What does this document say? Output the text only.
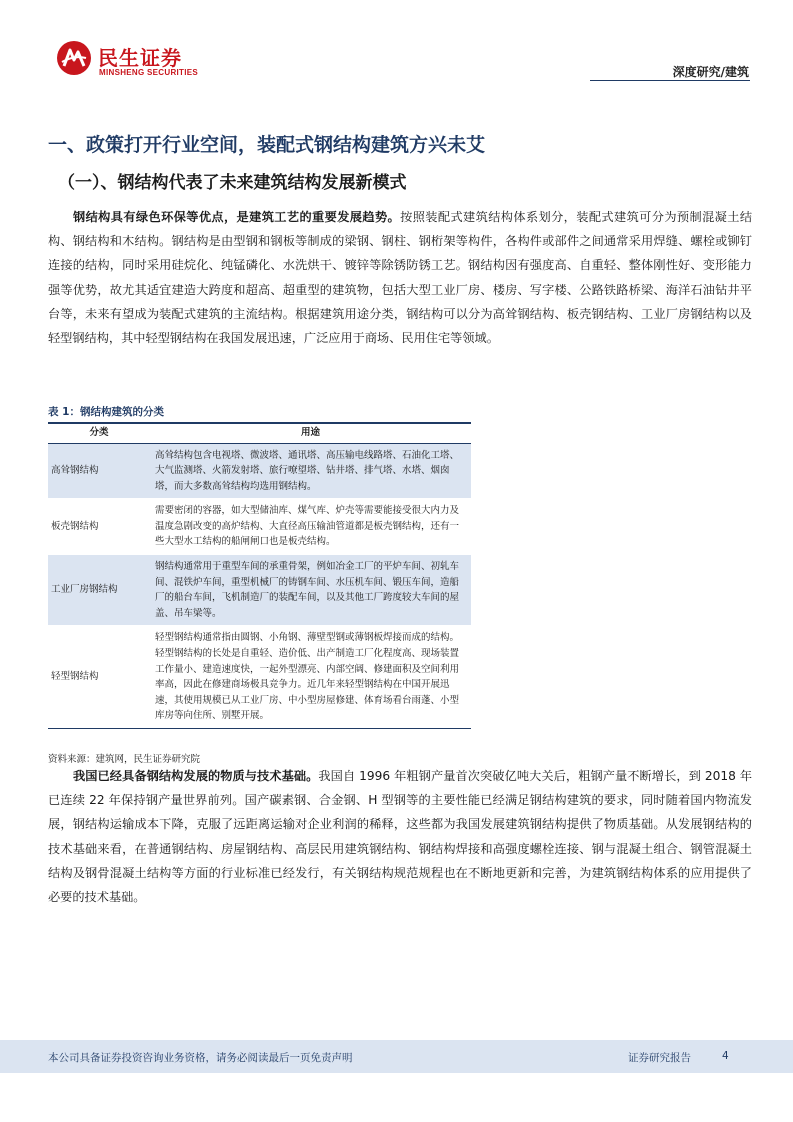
民生证券
MINSHENG SECURITIES	深度研究/建筑
一、政策打开行业空间，装配式钢结构建筑方兴未艾
（一）、钢结构代表了未来建筑结构发展新模式
钢结构具有绿色环保等优点，是建筑工艺的重要发展趋势。按照装配式建筑结构体系划分，装配式建筑可分为预制混凝土结构、钢结构和木结构。钢结构是由型钢和钢板等制成的梁钢、钢柱、钢桁架等构件，各构件或部件之间通常采用焊缝、螺栓或铆钉连接的结构，同时采用硅烷化、纯锰磷化、水洗烘干、镀锌等除锈防锈工艺。钢结构因有强度高、自重轻、整体刚性好、变形能力强等优势，故尤其适宜建造大跨度和超高、超重型的建筑物，包括大型工业厂房、楼房、写字楼、公路铁路桥梁、海洋石油钻井平台等，未来有望成为装配式建筑的主流结构。根据建筑用途分类，钢结构可以分为高耸钢结构、板壳钢结构、工业厂房钢结构以及轻型钢结构，其中轻型钢结构在我国发展迅速，广泛应用于商场、民用住宅等领域。
表 1：钢结构建筑的分类
分类	用途
高耸钢结构	高耸结构包含电视塔、微波塔、通讯塔、高压输电线路塔、石油化工塔、大气监测塔、火箭发射塔、旅行嘹望塔、钻井塔、排气塔、水塔、烟囱塔，而大多数高耸结构均选用钢结构。
板壳钢结构	需要密闭的容器，如大型储油库、煤气库、炉壳等需要能接受很大内力及温度急剧改变的高炉结构、大直径高压输油管道都是板壳钢结构，还有一些大型水工结构的船闸闸口也是板壳结构。
工业厂房钢结构	钢结构通常用于重型车间的承重骨架，例如冶金工厂的平炉车间、初轧车间、混铁炉车间，重型机械厂的铸钢车间、水压机车间、锻压车间，造船厂的船台车间，飞机制造厂的装配车间，以及其他工厂跨度较大车间的屋盖、吊车梁等。
轻型钢结构	轻型钢结构通常指由圆钢、小角钢、薄壁型钢或薄钢板焊接而成的结构。轻型钢结构的长处是自重轻、造价低、出产制造工厂化程度高、现场装置工作量小、建造速度快，一起外型漂亮、内部空阔、修建面积及空间利用率高，因此在修建商场极具竞争力。近几年来轻型钢结构在中国开展迅速，其使用规模已从工业厂房、中小型房屋修建、体育场看台雨蓬、小型库房等向住所、别墅开展。
资料来源：建筑网，民生证券研究院
我国已经具备钢结构发展的物质与技术基础。我国自 1996 年粗钢产量首次突破亿吨大关后，粗钢产量不断增长，到 2018 年已连续 22 年保持钢产量世界前列。国产碳素钢、合金钢、H 型钢等的主要性能已经满足钢结构建筑的要求，同时随着国内物流发展，钢结构运输成本下降，克服了远距离运输对企业利润的稀释，这些都为我国发展建筑钢结构提供了物质基础。从发展钢结构的技术基础来看，在普通钢结构、房屋钢结构、高层民用建筑钢结构、钢结构焊接和高强度螺栓连接、钢与混凝土组合、钢管混凝土结构及钢骨混凝土结构等方面的行业标准已经发行，有关钢结构规范规程也在不断地更新和完善，为建筑钢结构体系的应用提供了必要的技术基础。
本公司具备证券投资咨询业务资格，请务必阅读最后一页免责声明	证券研究报告	4
